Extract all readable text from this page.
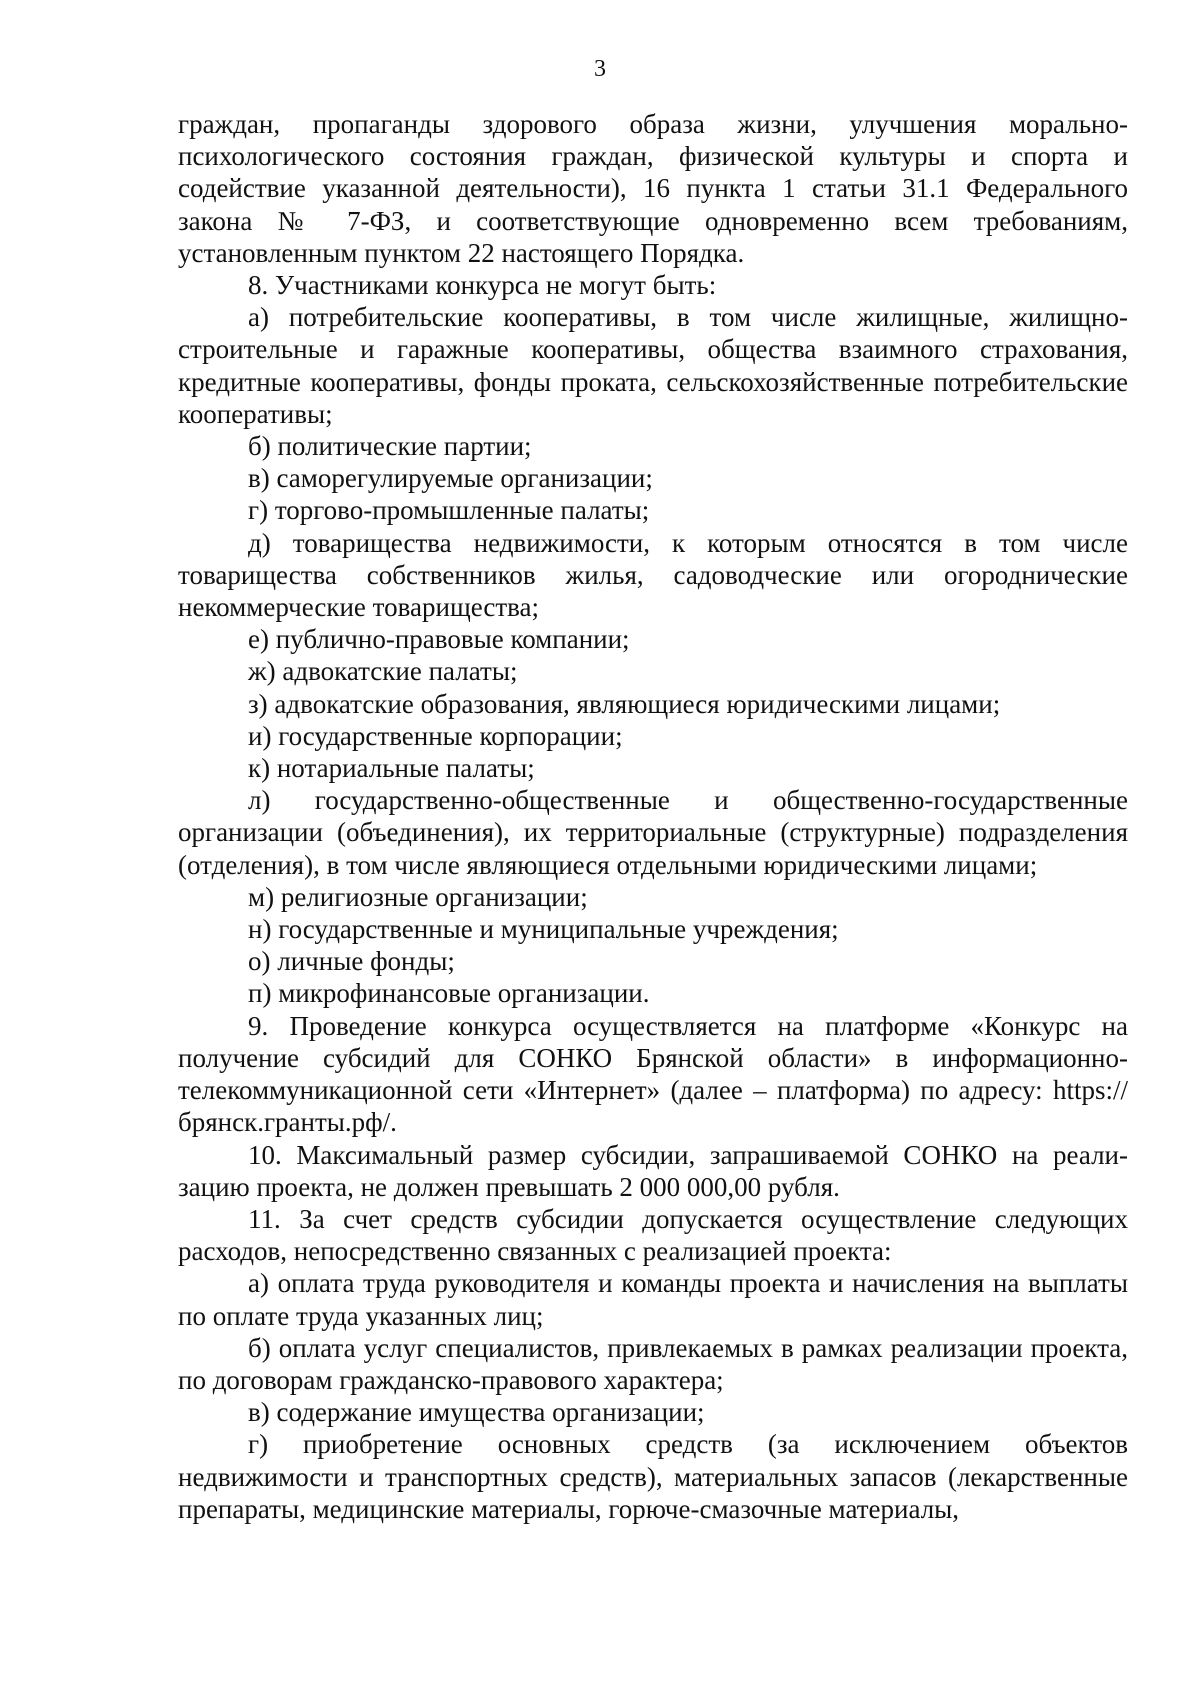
3

граждан, пропаганды здорового образа жизни, улучшения морально-психологического состояния граждан, физической культуры и спорта и содействие указанной деятельности), 16 пункта 1 статьи 31.1 Федерального закона № 7-ФЗ, и соответствующие одновременно всем требованиям, установленным пунктом 22 настоящего Порядка.

8. Участниками конкурса не могут быть:

а) потребительские кооперативы, в том числе жилищные, жилищно-строительные и гаражные кооперативы, общества взаимного страхования, кредитные кооперативы, фонды проката, сельскохозяйственные потребительские кооперативы;

б) политические партии;

в) саморегулируемые организации;

г) торгово-промышленные палаты;

д) товарищества недвижимости, к которым относятся в том числе товарищества собственников жилья, садоводческие или огороднические некоммерческие товарищества;

е) публично-правовые компании;

ж) адвокатские палаты;

з) адвокатские образования, являющиеся юридическими лицами;

и) государственные корпорации;

к) нотариальные палаты;

л) государственно-общественные и общественно-государственные организации (объединения), их территориальные (структурные) подразделения (отделения), в том числе являющиеся отдельными юридическими лицами;

м) религиозные организации;

н) государственные и муниципальные учреждения;

о) личные фонды;

п) микрофинансовые организации.

9. Проведение конкурса осуществляется на платформе «Конкурс на получение субсидий для СОНКО Брянской области» в информационно-телекоммуникационной сети «Интернет» (далее – платформа) по адресу: https://брянск.гранты.рф/.

10. Максимальный размер субсидии, запрашиваемой СОНКО на реализацию проекта, не должен превышать 2 000 000,00 рубля.

11. За счет средств субсидии допускается осуществление следующих расходов, непосредственно связанных с реализацией проекта:

а) оплата труда руководителя и команды проекта и начисления на выплаты по оплате труда указанных лиц;

б) оплата услуг специалистов, привлекаемых в рамках реализации проекта, по договорам гражданско-правового характера;

в) содержание имущества организации;

г) приобретение основных средств (за исключением объектов недвижимости и транспортных средств), материальных запасов (лекарственные препараты, медицинские материалы, горюче-смазочные материалы,
